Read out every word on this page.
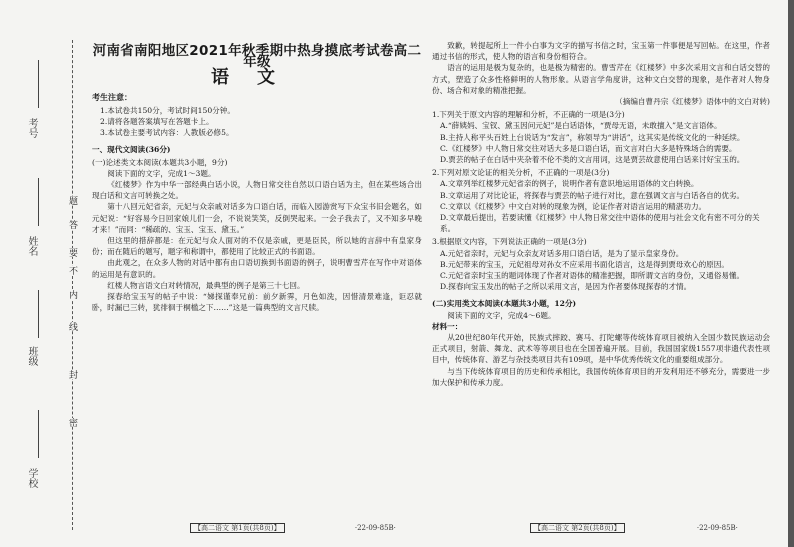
考号
姓名
班级
学校
密
封
线
内
不
要
答
题
河南省南阳地区2021年秋季期中热身摸底考试卷高二年级
语文
考生注意：
1.本试卷共150分，考试时间150分钟。
2.请将各题答案填写在答题卡上。
3.本试卷主要考试内容：人教版必修5。
一、现代文阅读(36分)
(一)论述类文本阅读(本题共3小题，9分)
阅读下面的文字，完成1～3题。
《红楼梦》作为中华一部经典白话小说，人物日常交往自然以口语白话为主，但在某些场合出现白话和文言可转换之处。
第十八回元妃省亲，元妃与众亲戚对话多为口语白话，而临入园游赏写下众宝书旧会题名，如元妃说：“好容易今日回家娘儿们一会，不说说笑笑，反倒哭起来。一会子我去了，又不知多早晚才来！”而同：“稀疏的、宝玉、宝玉、黛玉。”
但这里的措辞都是：在元妃与众人面对的不仅是亲戚，更是臣民，所以她的言辞中有皇家身份；而在随后的题写，题字和称谓中，都使用了比较正式的书面语。
由此观之，在众多人物的对话中都有由口语切换到书面语的例子，说明曹雪芹在写作中对语体的运用是有意识的。
红楼人物言语文白对转情况，最典型的例子是第三十七回。
探春给宝玉写的帖子中说：“娣探谨奉兄前：前夕新霁，月色如洗，因惜清景难逢，讵忍就卧，时漏已三转，犹徘徊于桐槛之下……”这是一篇典型的文言尺牍。
【高二语文 第1页(共8页)】	·22-09-85B·
致歉，转提起所上一件小白事为文字的描写书信之时，宝玉第一件事便是写回帖。在这里，作者通过书信的形式，使人物的语言和身份相符合。
语言的运用是极为复杂的，也是极为精密的。曹雪芹在《红楼梦》中多次采用文言和白话交替的方式，塑造了众多性格鲜明的人物形象。从语言学角度讲，这种文白交替的现象，是作者对人物身份、场合和对象的精准把握。
（摘编自曹丹宗《红楼梦》语体中的文白对转)
1.下列关于原文内容的理解和分析，不正确的一项是(3分)
A.“薛姨妈、宝钗、黛玉因问元妃”是白话语体，“贾母无语，未敢擅入”是文言语体。
B.主持人称平头百姓上台说话为“发言”，称领导为“讲话”，这其实是传统文化的一种延续。
C.《红楼梦》中人物日常交往对话大多是口语白话，而文言对白大多是特殊场合的需要。
D.贾芸的帖子在白话中夹杂着不伦不类的文言用词，这是贾芸故意使用白话来讨好宝玉的。
2.下列对原文论证的相关分析，不正确的一项是(3分)
A.文章列举红楼梦元妃省亲的例子，说明作者有意识地运用语体的文白转换。
B.文章运用了对比论证，将探春与贾芸的帖子进行对比，意在强调文言与白话各自的优劣。
C.文章以《红楼梦》中文白对转的现象为例，论证作者对语言运用的精湛功力。
D.文章最后提出，若要读懂《红楼梦》中人物日常交往中语体的使用与社会文化有密不可分的关系。
3.根据原文内容，下列说法正确的一项是(3分)
A.元妃省亲时，元妃与众亲友对话多用口语白话，是为了显示皇家身份。
B.元妃带来的宝玉，元妃祖母对孙女不应采用书面化语言，这是得到贾母欢心的原因。
C.元妃省亲时宝玉的题词体现了作者对语体的精准把握，即所谓文言的身份，又通俗易懂。
D.探春向宝玉发出的帖子之所以采用文言，是因为作者要体现探春的才情。
(二)实用类文本阅读(本题共3小题，12分)
阅读下面的文字，完成4～6题。
材料一：
从20世纪80年代开始，民族式摔跤、赛马、打陀螺等传统体育项目被纳入全国少数民族运动会正式项目，射箭、舞龙、武术等等项目也在全国普遍开展。目前，我国国家级1557项非遗代表性项目中，传统体育、游艺与杂技类项目共有109项，是中华优秀传统文化的重要组成部分。
与当下传统体育项目的历史和传承相比，我国传统体育项目的开发利用还不够充分，需要进一步加大保护和传承力度。
【高二语文 第2页(共8页)】	·22-09-85B·
